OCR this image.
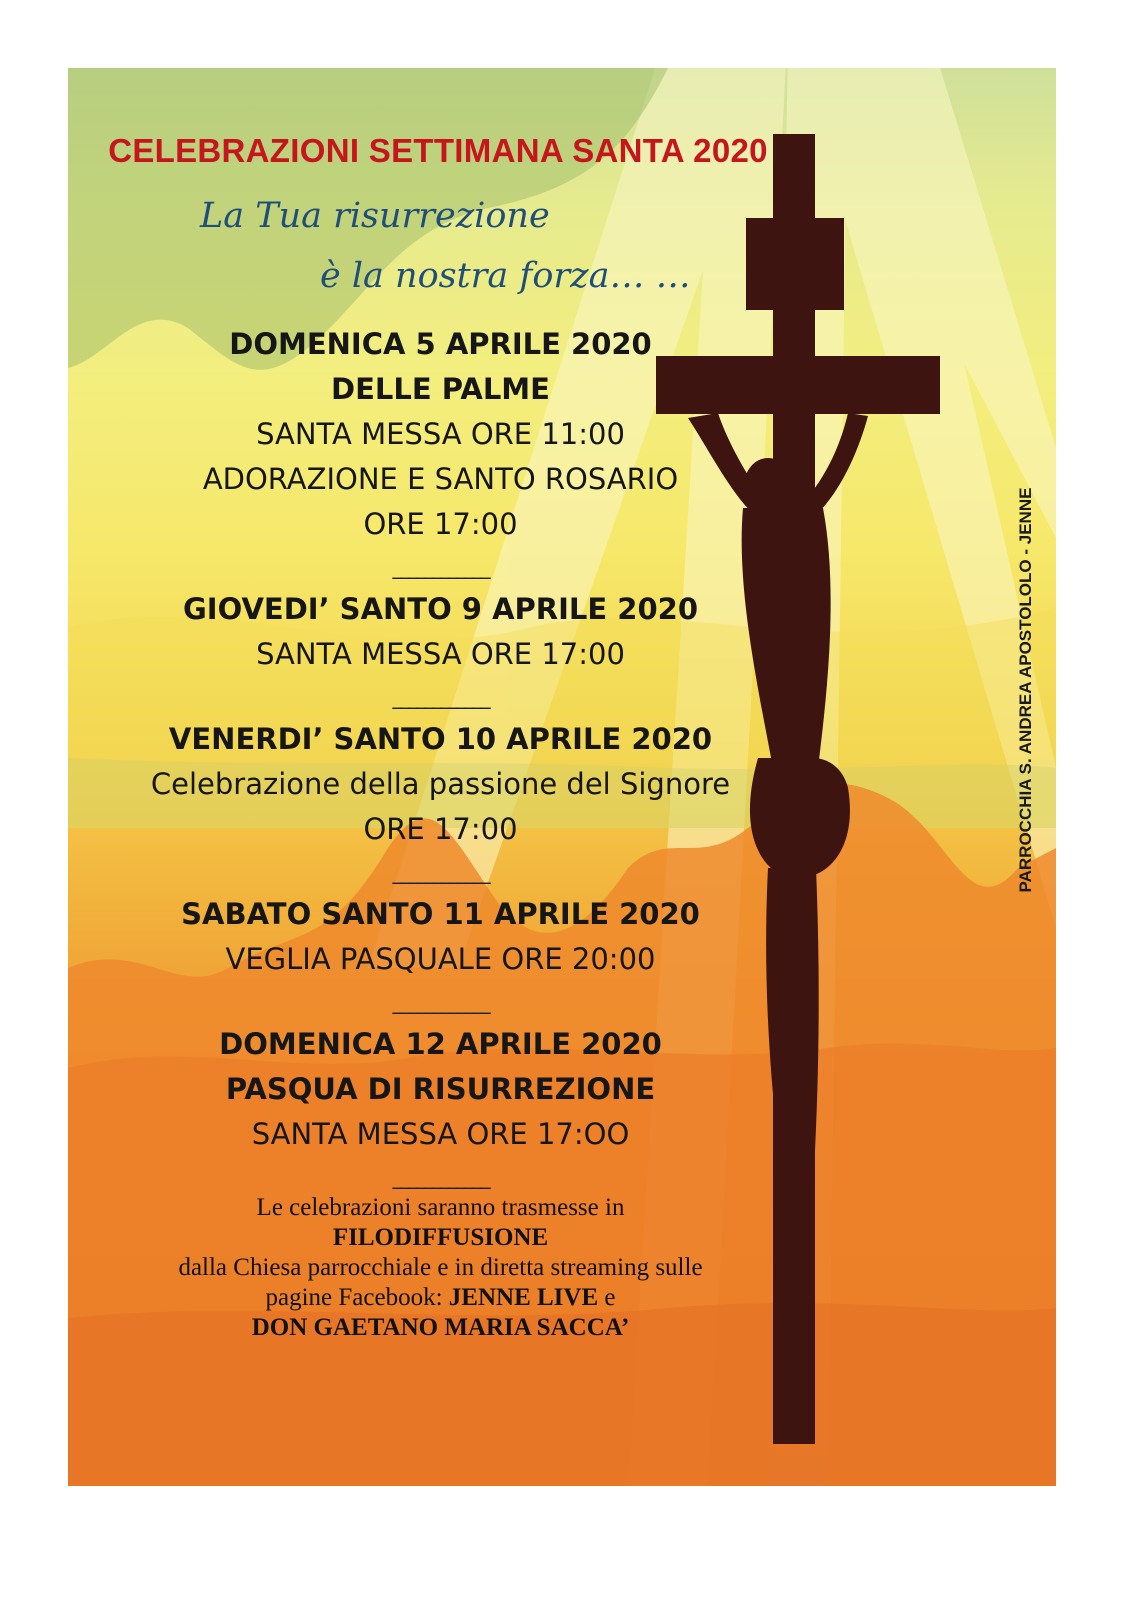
CELEBRAZIONI SETTIMANA SANTA 2020
La Tua risurrezione
è la nostra forza… …
DOMENICA 5 APRILE 2020
DELLE PALME
SANTA MESSA ORE 11:00
ADORAZIONE E SANTO ROSARIO
ORE 17:00
____________
GIOVEDI’ SANTO 9 APRILE 2020
SANTA MESSA ORE 17:00
____________
VENERDI’ SANTO 10 APRILE 2020
Celebrazione della passione del Signore
ORE 17:00
____________
SABATO SANTO 11 APRILE 2020
VEGLIA PASQUALE ORE 20:00
____________
DOMENICA 12 APRILE 2020
PASQUA DI RISURREZIONE
SANTA MESSA ORE 17:OO
____________
Le celebrazioni saranno trasmesse in
FILODIFFUSIONE
dalla Chiesa parrocchiale e in diretta streaming sulle
pagine Facebook: JENNE LIVE e
DON GAETANO MARIA SACCA’
PARROCCHIA S. ANDREA APOSTOLOLO - JENNE
